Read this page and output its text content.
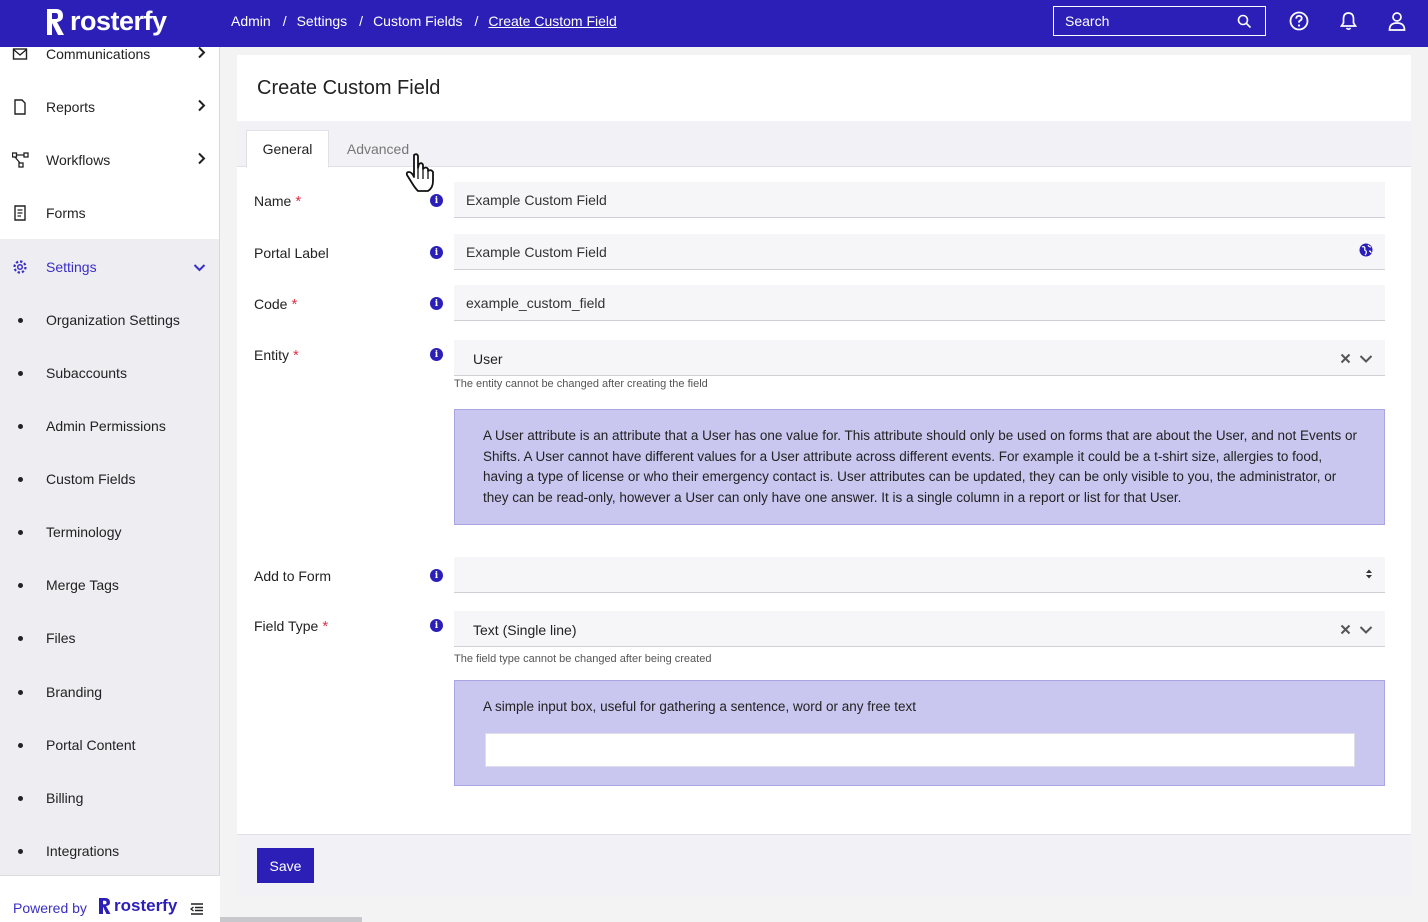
rosterfy	Admin / Settings / Custom Fields / Create Custom Field
Search
Communications
Reports
Workflows
Forms
Settings
Organization Settings
Subaccounts
Admin Permissions
Custom Fields
Terminology
Merge Tags
Files
Branding
Portal Content
Billing
Integrations
Powered by rosterfy
Create Custom Field
General	Advanced
Name *	i
Example Custom Field
Portal Label	i
Example Custom Field
Code *	i
example_custom_field
Entity *	i	User
The entity cannot be changed after creating the field
A User attribute is an attribute that a User has one value for. This attribute should only be used on forms that are about the User, and not Events or Shifts. A User cannot have different values for a User attribute across different events. For example it could be a t-shirt size, allergies to food, having a type of license or who their emergency contact is. User attributes can be updated, they can be only visible to you, the administrator, or they can be read-only, however a User can only have one answer. It is a single column in a report or list for that User.
Add to Form	i
Field Type *	i	Text (Single line)
The field type cannot be changed after being created
A simple input box, useful for gathering a sentence, word or any free text
Save
